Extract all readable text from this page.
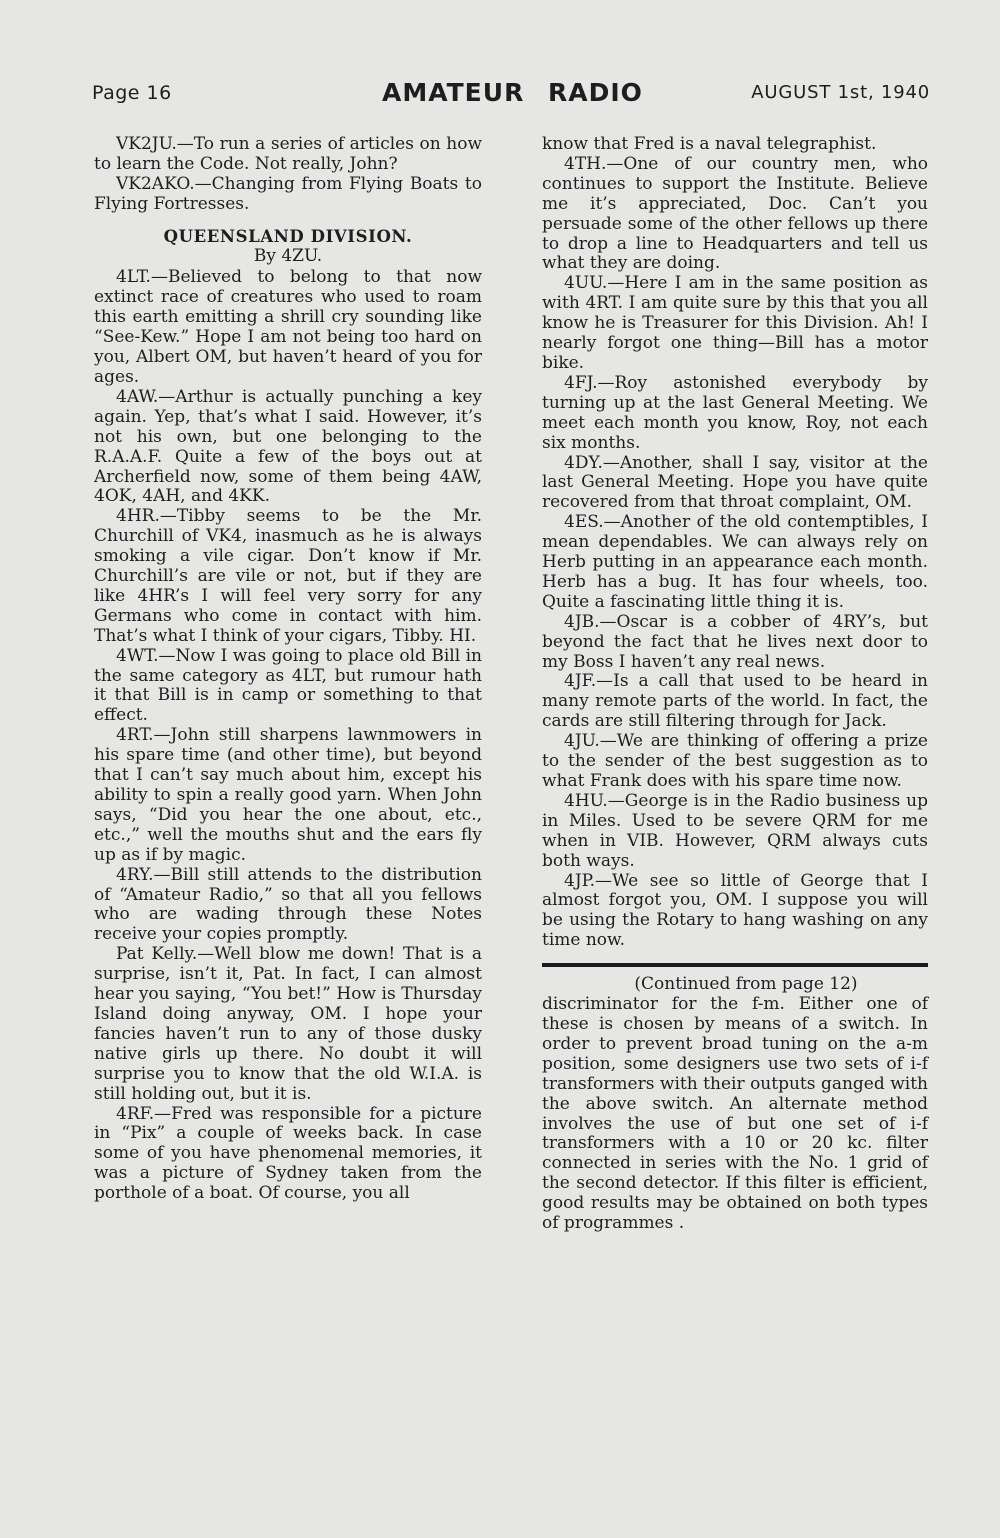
Page 16	AMATEUR RADIO	AUGUST 1st, 1940

VK2JU.—To run a series of articles on how to learn the Code. Not really, John?

VK2AKO.—Changing from Flying Boats to Flying Fortresses.

QUEENSLAND DIVISION.
By 4ZU.

4LT.—Believed to belong to that now extinct race of creatures who used to roam this earth emitting a shrill cry sounding like “See-Kew.” Hope I am not being too hard on you, Albert OM, but haven’t heard of you for ages.

4AW.—Arthur is actually punching a key again. Yep, that’s what I said. However, it’s not his own, but one belonging to the R.A.A.F. Quite a few of the boys out at Archerfield now, some of them being 4AW, 4OK, 4AH, and 4KK.

4HR.—Tibby seems to be the Mr. Churchill of VK4, inasmuch as he is always smoking a vile cigar. Don’t know if Mr. Churchill’s are vile or not, but if they are like 4HR’s I will feel very sorry for any Germans who come in contact with him. That’s what I think of your cigars, Tibby. HI.

4WT.—Now I was going to place old Bill in the same category as 4LT, but rumour hath it that Bill is in camp or something to that effect.

4RT.—John still sharpens lawnmowers in his spare time (and other time), but beyond that I can’t say much about him, except his ability to spin a really good yarn. When John says, “Did you hear the one about, etc., etc.,” well the mouths shut and the ears fly up as if by magic.

4RY.—Bill still attends to the distribution of “Amateur Radio,” so that all you fellows who are wading through these Notes receive your copies promptly.

Pat Kelly.—Well blow me down! That is a surprise, isn’t it, Pat. In fact, I can almost hear you saying, “You bet!” How is Thursday Island doing anyway, OM. I hope your fancies haven’t run to any of those dusky native girls up there. No doubt it will surprise you to know that the old W.I.A. is still holding out, but it is.

4RF.—Fred was responsible for a picture in “Pix” a couple of weeks back. In case some of you have phenomenal memories, it was a picture of Sydney taken from the porthole of a boat. Of course, you all

know that Fred is a naval telegraphist.

4TH.—One of our country men, who continues to support the Institute. Believe me it’s appreciated, Doc. Can’t you persuade some of the other fellows up there to drop a line to Headquarters and tell us what they are doing.

4UU.—Here I am in the same position as with 4RT. I am quite sure by this that you all know he is Treasurer for this Division. Ah! I nearly forgot one thing—Bill has a motor bike.

4FJ.—Roy astonished everybody by turning up at the last General Meeting. We meet each month you know, Roy, not each six months.

4DY.—Another, shall I say, visitor at the last General Meeting. Hope you have quite recovered from that throat complaint, OM.

4ES.—Another of the old contemptibles, I mean dependables. We can always rely on Herb putting in an appearance each month. Herb has a bug. It has four wheels, too. Quite a fascinating little thing it is.

4JB.—Oscar is a cobber of 4RY’s, but beyond the fact that he lives next door to my Boss I haven’t any real news.

4JF.—Is a call that used to be heard in many remote parts of the world. In fact, the cards are still filtering through for Jack.

4JU.—We are thinking of offering a prize to the sender of the best suggestion as to what Frank does with his spare time now.

4HU.—George is in the Radio business up in Miles. Used to be severe QRM for me when in VIB. However, QRM always cuts both ways.

4JP.—We see so little of George that I almost forgot you, OM. I suppose you will be using the Rotary to hang washing on any time now.

(Continued from page 12)

discriminator for the f-m. Either one of these is chosen by means of a switch. In order to prevent broad tuning on the a-m position, some designers use two sets of i-f transformers with their outputs ganged with the above switch. An alternate method involves the use of but one set of i-f transformers with a 10 or 20 kc. filter connected in series with the No. 1 grid of the second detector. If this filter is efficient, good results may be obtained on both types of programmes .
